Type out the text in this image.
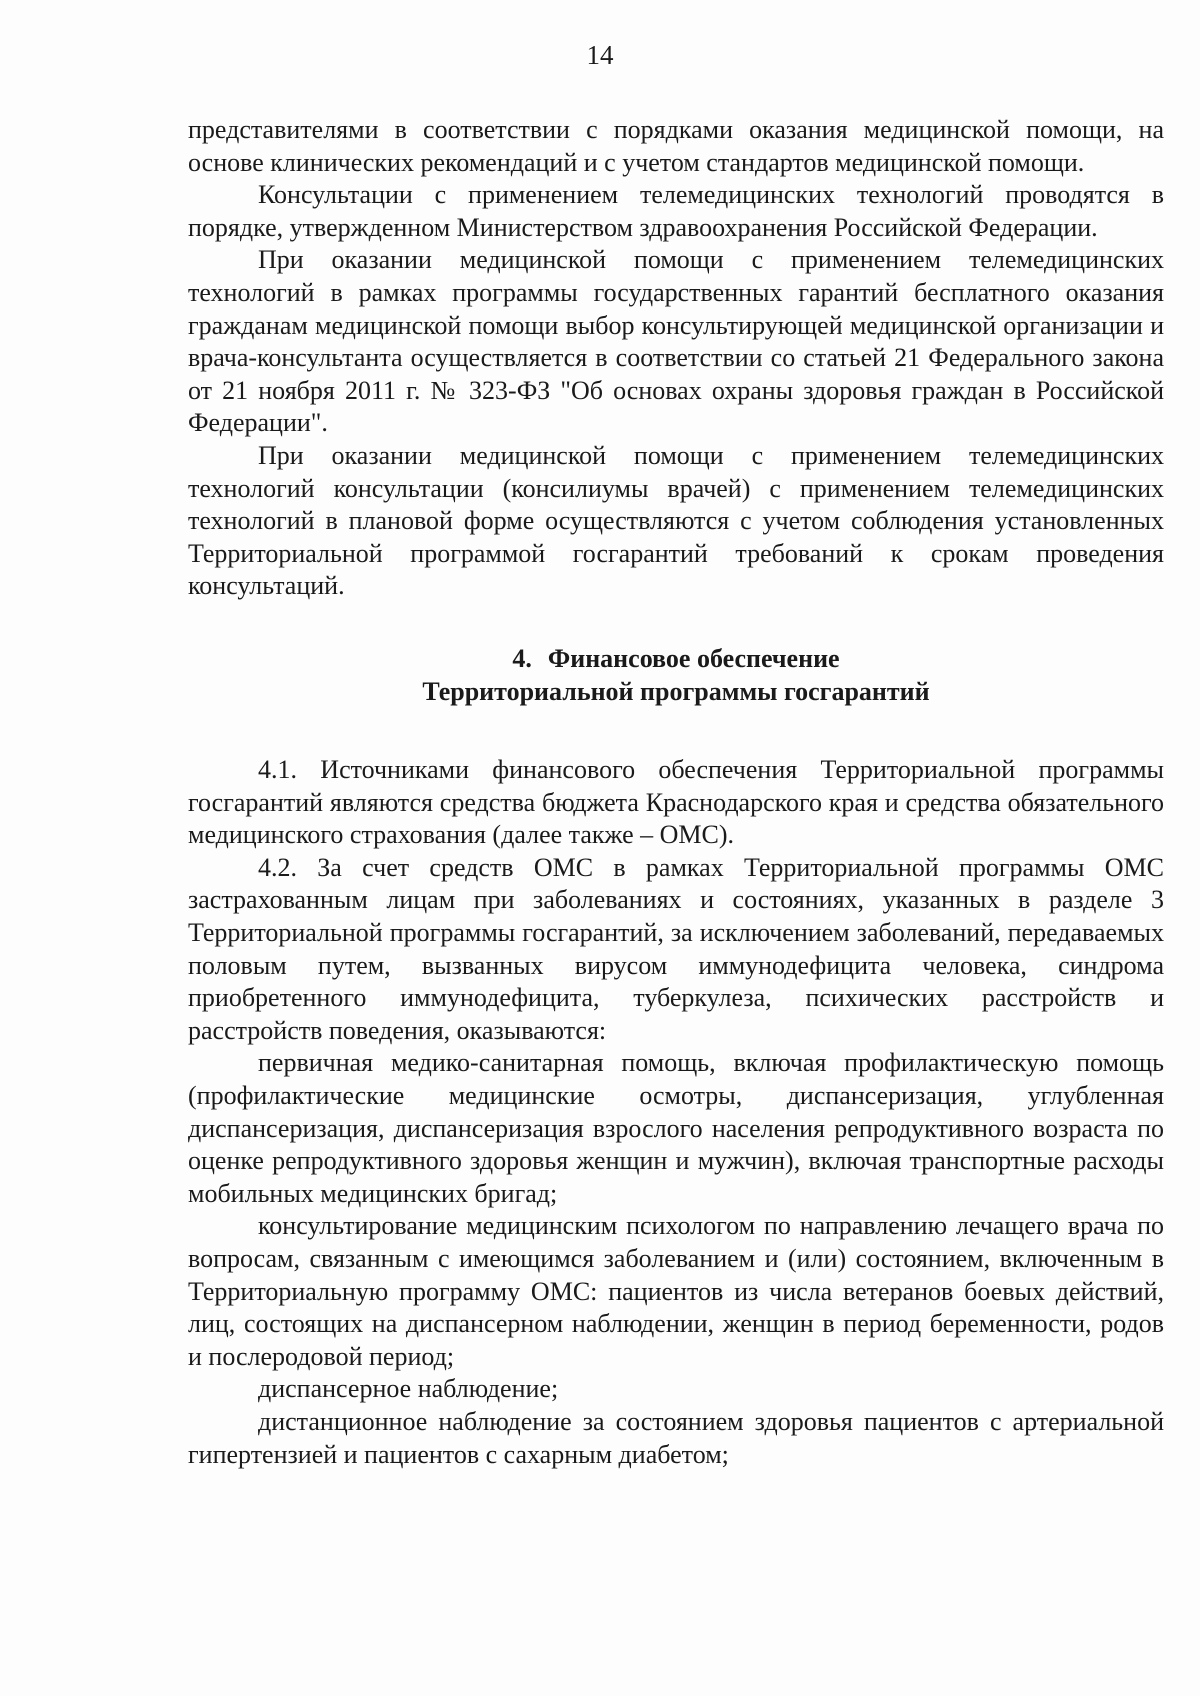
14

представителями в соответствии с порядками оказания медицинской помощи, на основе клинических рекомендаций и с учетом стандартов медицинской помощи.

Консультации с применением телемедицинских технологий проводятся в порядке, утвержденном Министерством здравоохранения Российской Федерации.

При оказании медицинской помощи с применением телемедицинских технологий в рамках программы государственных гарантий бесплатного оказания гражданам медицинской помощи выбор консультирующей медицинской организации и врача-консультанта осуществляется в соответствии со статьей 21 Федерального закона от 21 ноября 2011 г. № 323-ФЗ "Об основах охраны здоровья граждан в Российской Федерации".

При оказании медицинской помощи с применением телемедицинских технологий консультации (консилиумы врачей) с применением телемедицинских технологий в плановой форме осуществляются с учетом соблюдения установленных Территориальной программой госгарантий требований к срокам проведения консультаций.

4. Финансовое обеспечение
Территориальной программы госгарантий

4.1. Источниками финансового обеспечения Территориальной программы госгарантий являются средства бюджета Краснодарского края и средства обязательного медицинского страхования (далее также – ОМС).

4.2. За счет средств ОМС в рамках Территориальной программы ОМС застрахованным лицам при заболеваниях и состояниях, указанных в разделе 3 Территориальной программы госгарантий, за исключением заболеваний, передаваемых половым путем, вызванных вирусом иммунодефицита человека, синдрома приобретенного иммунодефицита, туберкулеза, психических расстройств и расстройств поведения, оказываются:

первичная медико-санитарная помощь, включая профилактическую помощь (профилактические медицинские осмотры, диспансеризация, углубленная диспансеризация, диспансеризация взрослого населения репродуктивного возраста по оценке репродуктивного здоровья женщин и мужчин), включая транспортные расходы мобильных медицинских бригад;

консультирование медицинским психологом по направлению лечащего врача по вопросам, связанным с имеющимся заболеванием и (или) состоянием, включенным в Территориальную программу ОМС: пациентов из числа ветеранов боевых действий, лиц, состоящих на диспансерном наблюдении, женщин в период беременности, родов и послеродовой период;

диспансерное наблюдение;

дистанционное наблюдение за состоянием здоровья пациентов с артериальной гипертензией и пациентов с сахарным диабетом;
